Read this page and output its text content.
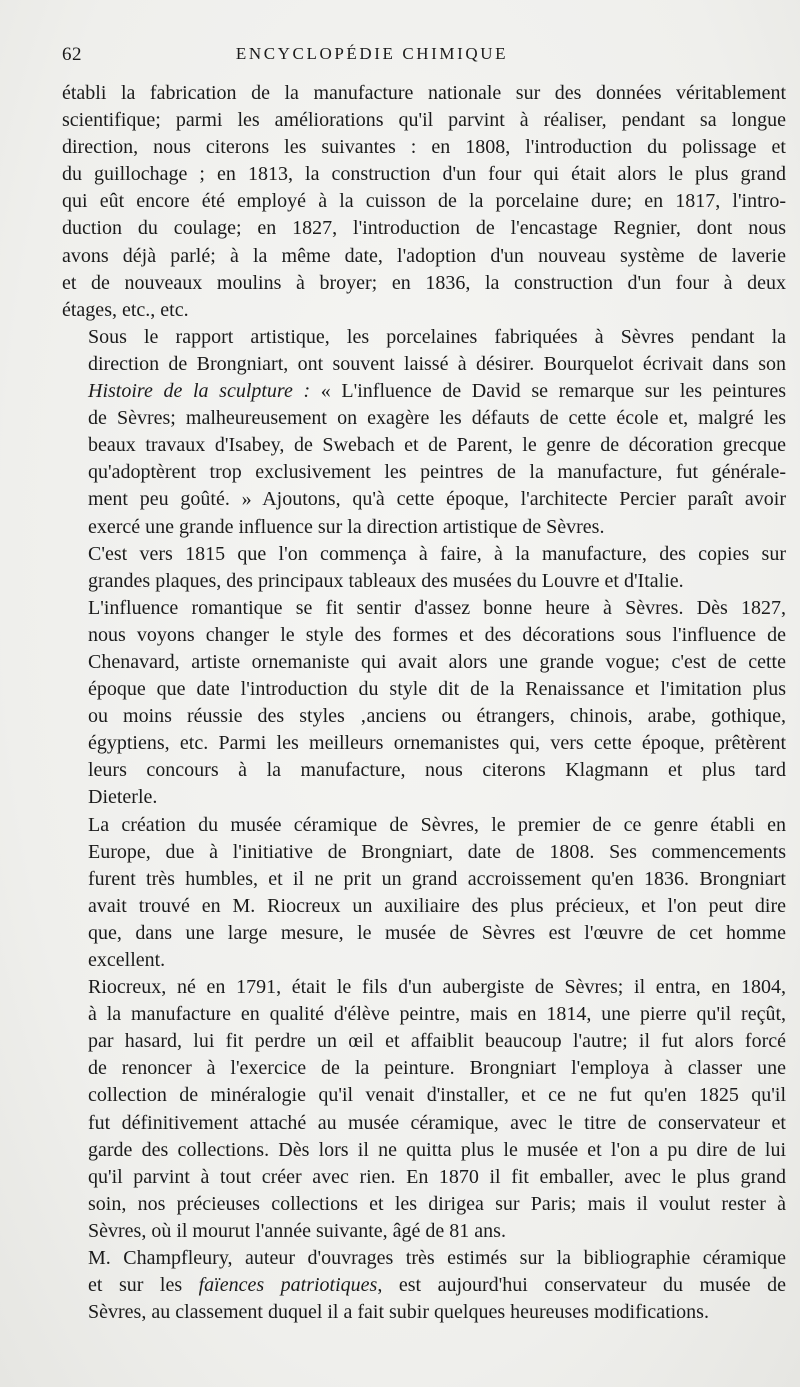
62	ENCYCLOPÉDIE CHIMIQUE

établi la fabrication de la manufacture nationale sur des données véritablement
scientifique; parmi les améliorations qu'il parvint à réaliser, pendant sa longue
direction, nous citerons les suivantes : en 1808, l'introduction du polissage et
du guillochage ; en 1813, la construction d'un four qui était alors le plus grand
qui eût encore été employé à la cuisson de la porcelaine dure; en 1817, l'intro-
duction du coulage; en 1827, l'introduction de l'encastage Regnier, dont nous
avons déjà parlé; à la même date, l'adoption d'un nouveau système de laverie
et de nouveaux moulins à broyer; en 1836, la construction d'un four à deux
étages, etc., etc.

Sous le rapport artistique, les porcelaines fabriquées à Sèvres pendant la
direction de Brongniart, ont souvent laissé à désirer. Bourquelot écrivait dans son
Histoire de la sculpture : « L'influence de David se remarque sur les peintures
de Sèvres; malheureusement on exagère les défauts de cette école et, malgré les
beaux travaux d'Isabey, de Swebach et de Parent, le genre de décoration grecque
qu'adoptèrent trop exclusivement les peintres de la manufacture, fut générale-
ment peu goûté. » Ajoutons, qu'à cette époque, l'architecte Percier paraît avoir
exercé une grande influence sur la direction artistique de Sèvres.

C'est vers 1815 que l'on commença à faire, à la manufacture, des copies sur
grandes plaques, des principaux tableaux des musées du Louvre et d'Italie.

L'influence romantique se fit sentir d'assez bonne heure à Sèvres. Dès 1827,
nous voyons changer le style des formes et des décorations sous l'influence de
Chenavard, artiste ornemaniste qui avait alors une grande vogue; c'est de cette
époque que date l'introduction du style dit de la Renaissance et l'imitation plus
ou moins réussie des styles ‚anciens ou étrangers, chinois, arabe, gothique,
égyptiens, etc. Parmi les meilleurs ornemanistes qui, vers cette époque, prêtèrent
leurs concours à la manufacture, nous citerons Klagmann et plus tard
Dieterle.

La création du musée céramique de Sèvres, le premier de ce genre établi en
Europe, due à l'initiative de Brongniart, date de 1808. Ses commencements
furent très humbles, et il ne prit un grand accroissement qu'en 1836. Brongniart
avait trouvé en M. Riocreux un auxiliaire des plus précieux, et l'on peut dire
que, dans une large mesure, le musée de Sèvres est l'œuvre de cet homme
excellent.

Riocreux, né en 1791, était le fils d'un aubergiste de Sèvres; il entra, en 1804,
à la manufacture en qualité d'élève peintre, mais en 1814, une pierre qu'il reçût,
par hasard, lui fit perdre un œil et affaiblit beaucoup l'autre; il fut alors forcé
de renoncer à l'exercice de la peinture. Brongniart l'employa à classer une
collection de minéralogie qu'il venait d'installer, et ce ne fut qu'en 1825 qu'il
fut définitivement attaché au musée céramique, avec le titre de conservateur et
garde des collections. Dès lors il ne quitta plus le musée et l'on a pu dire de lui
qu'il parvint à tout créer avec rien. En 1870 il fit emballer, avec le plus grand
soin, nos précieuses collections et les dirigea sur Paris; mais il voulut rester à
Sèvres, où il mourut l'année suivante, âgé de 81 ans.

M. Champfleury, auteur d'ouvrages très estimés sur la bibliographie céramique
et sur les faïences patriotiques, est aujourd'hui conservateur du musée de
Sèvres, au classement duquel il a fait subir quelques heureuses modifications.
